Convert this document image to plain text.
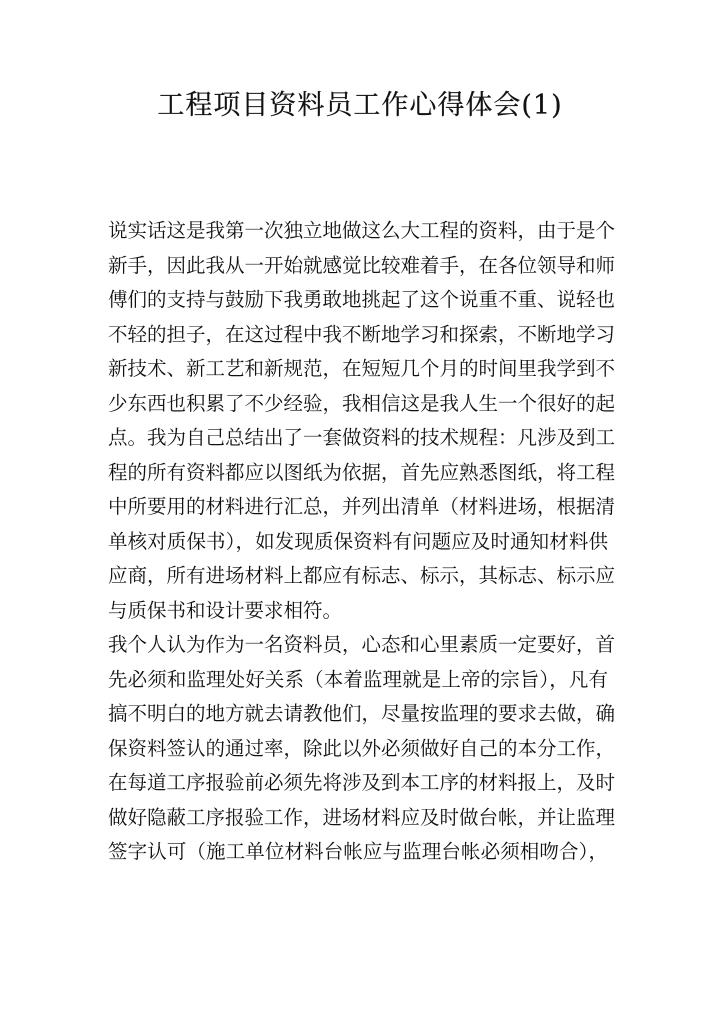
工程项目资料员工作心得体会(1)

说实话这是我第一次独立地做这么大工程的资料，由于是个
新手，因此我从一开始就感觉比较难着手，在各位领导和师
傅们的支持与鼓励下我勇敢地挑起了这个说重不重、说轻也
不轻的担子，在这过程中我不断地学习和探索，不断地学习
新技术、新工艺和新规范，在短短几个月的时间里我学到不
少东西也积累了不少经验，我相信这是我人生一个很好的起
点。我为自己总结出了一套做资料的技术规程：凡涉及到工
程的所有资料都应以图纸为依据，首先应熟悉图纸，将工程
中所要用的材料进行汇总，并列出清单（材料进场，根据清
单核对质保书），如发现质保资料有问题应及时通知材料供
应商，所有进场材料上都应有标志、标示，其标志、标示应
与质保书和设计要求相符。

我个人认为作为一名资料员，心态和心里素质一定要好，首
先必须和监理处好关系（本着监理就是上帝的宗旨），凡有
搞不明白的地方就去请教他们，尽量按监理的要求去做，确
保资料签认的通过率，除此以外必须做好自己的本分工作，
在每道工序报验前必须先将涉及到本工序的材料报上，及时
做好隐蔽工序报验工作，进场材料应及时做台帐，并让监理
签字认可（施工单位材料台帐应与监理台帐必须相吻合），
